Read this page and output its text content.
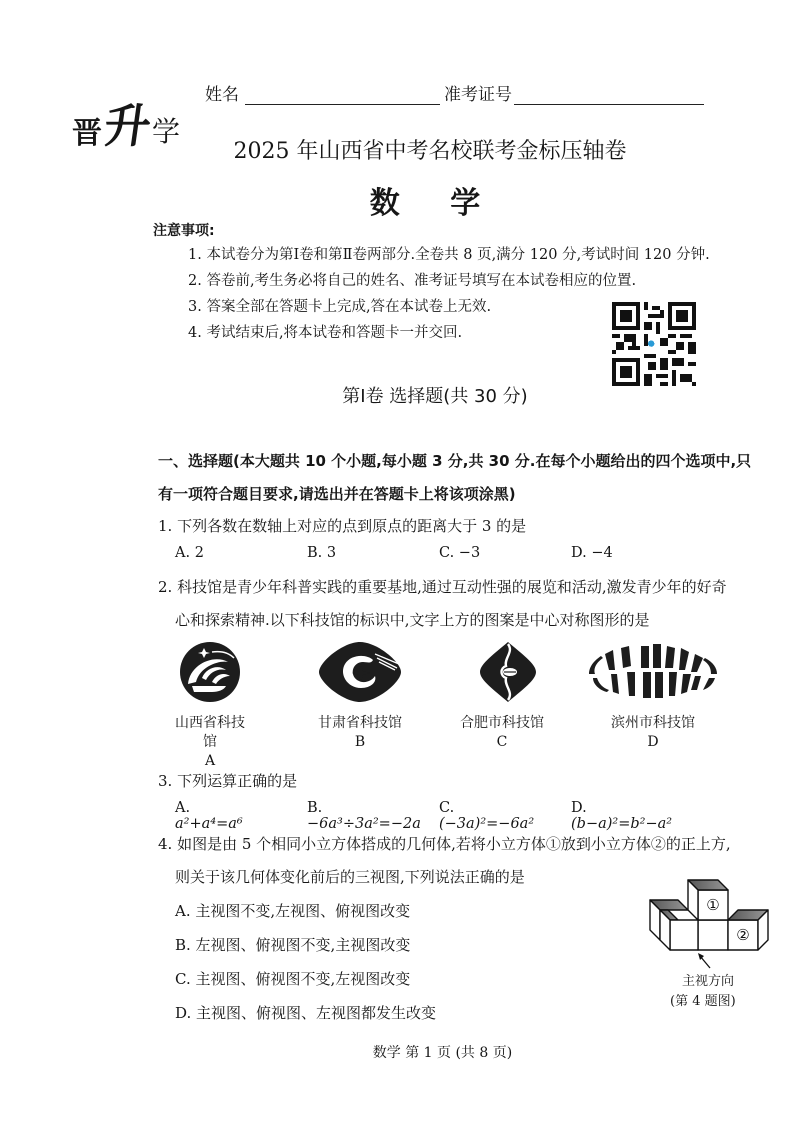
晋
升
学
姓名	准考证号
2025 年山西省中考名校联考金标压轴卷
数 学
注意事项:
1. 本试卷分为第Ⅰ卷和第Ⅱ卷两部分.全卷共 8 页,满分 120 分,考试时间 120 分钟.
2. 答卷前,考生务必将自己的姓名、准考证号填写在本试卷相应的位置.
3. 答案全部在答题卡上完成,答在本试卷上无效.
4. 考试结束后,将本试卷和答题卡一并交回.
第Ⅰ卷 选择题(共 30 分)
一、选择题(本大题共 10 个小题,每小题 3 分,共 30 分.在每个小题给出的四个选项中,只
有一项符合题目要求,请选出并在答题卡上将该项涂黑)
1. 下列各数在数轴上对应的点到原点的距离大于 3 的是
A. 2	B. 3	C. −3	D. −4
2. 科技馆是青少年科普实践的重要基地,通过互动性强的展览和活动,激发青少年的好奇
心和探索精神.以下科技馆的标识中,文字上方的图案是中心对称图形的是
山西省科技馆
A
甘肃省科技馆
B
合肥市科技馆
C
滨州市科技馆
D
3. 下列运算正确的是
A. a²+a⁴=a⁶
B. −6a³÷3a²=−2a
C. (−3a)²=−6a²
D. (b−a)²=b²−a²
4. 如图是由 5 个相同小立方体搭成的几何体,若将小立方体①放到小立方体②的正上方,
则关于该几何体变化前后的三视图,下列说法正确的是
A. 主视图不变,左视图、俯视图改变
B. 左视图、俯视图不变,主视图改变
C. 主视图、俯视图不变,左视图改变
D. 主视图、俯视图、左视图都发生改变
①
②
主视方向
(第 4 题图)
数学 第 1 页 (共 8 页)
